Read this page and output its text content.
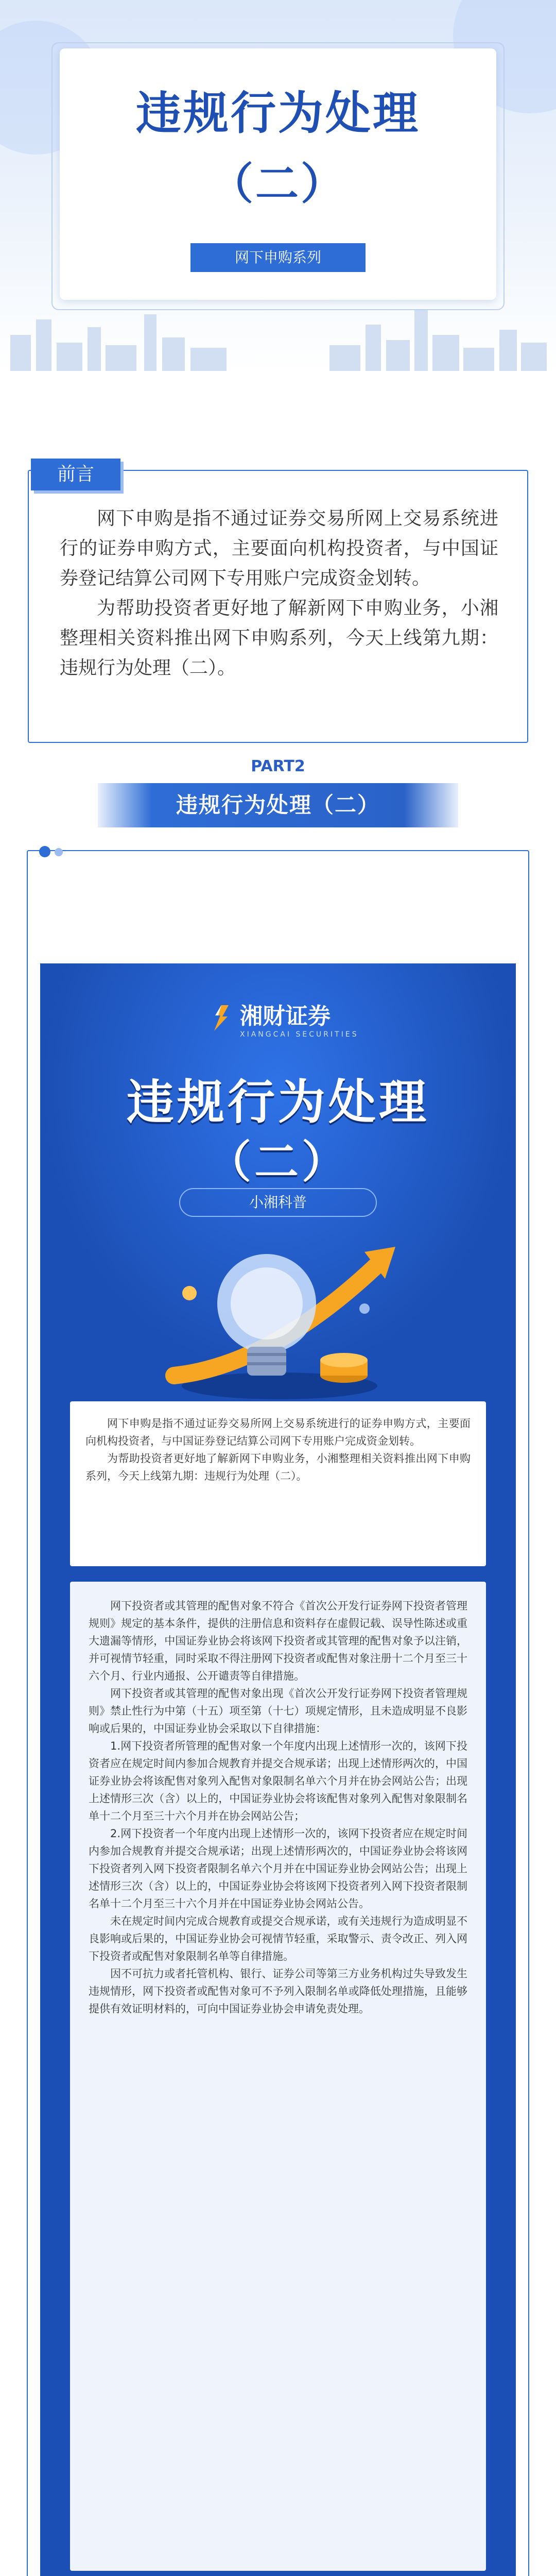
违规行为处理
（二）
网下申购系列

网下申购是指不通过证券交易所网上交易系统进行的证券申购方式，主要面向机构投资者，与中国证券登记结算公司网下专用账户完成资金划转。

为帮助投资者更好地了解新网下申购业务，小湘整理相关资料推出网下申购系列，今天上线第九期：违规行为处理（二）。

前言
PART2
违规行为处理（二）
湘财证券
XIANGCAI SECURITIES
违规行为处理
（二）
小湘科普

网下申购是指不通过证券交易所网上交易系统进行的证券申购方式，主要面向机构投资者，与中国证券登记结算公司网下专用账户完成资金划转。

为帮助投资者更好地了解新网下申购业务，小湘整理相关资料推出网下申购系列，今天上线第九期：违规行为处理（二）。

网下投资者或其管理的配售对象不符合《首次公开发行证券网下投资者管理规则》规定的基本条件，提供的注册信息和资料存在虚假记载、误导性陈述或重大遗漏等情形，中国证券业协会将该网下投资者或其管理的配售对象予以注销，并可视情节轻重，同时采取不得注册网下投资者或配售对象注册十二个月至三十六个月、行业内通报、公开谴责等自律措施。

网下投资者或其管理的配售对象出现《首次公开发行证券网下投资者管理规则》禁止性行为中第（十五）项至第（十七）项规定情形，且未造成明显不良影响或后果的，中国证券业协会采取以下自律措施：

1.网下投资者所管理的配售对象一个年度内出现上述情形一次的，该网下投资者应在规定时间内参加合规教育并提交合规承诺；出现上述情形两次的，中国证券业协会将该配售对象列入配售对象限制名单六个月并在协会网站公告；出现上述情形三次（含）以上的，中国证券业协会将该配售对象列入配售对象限制名单十二个月至三十六个月并在协会网站公告；

2.网下投资者一个年度内出现上述情形一次的，该网下投资者应在规定时间内参加合规教育并提交合规承诺；出现上述情形两次的，中国证券业协会将该网下投资者列入网下投资者限制名单六个月并在中国证券业协会网站公告；出现上述情形三次（含）以上的，中国证券业协会将该网下投资者列入网下投资者限制名单十二个月至三十六个月并在中国证券业协会网站公告。

未在规定时间内完成合规教育或提交合规承诺，或有关违规行为造成明显不良影响或后果的，中国证券业协会可视情节轻重，采取警示、责令改正、列入网下投资者或配售对象限制名单等自律措施。

因不可抗力或者托管机构、银行、证券公司等第三方业务机构过失导致发生违规情形，网下投资者或配售对象可不予列入限制名单或降低处理措施，且能够提供有效证明材料的，可向中国证券业协会申请免责处理。
